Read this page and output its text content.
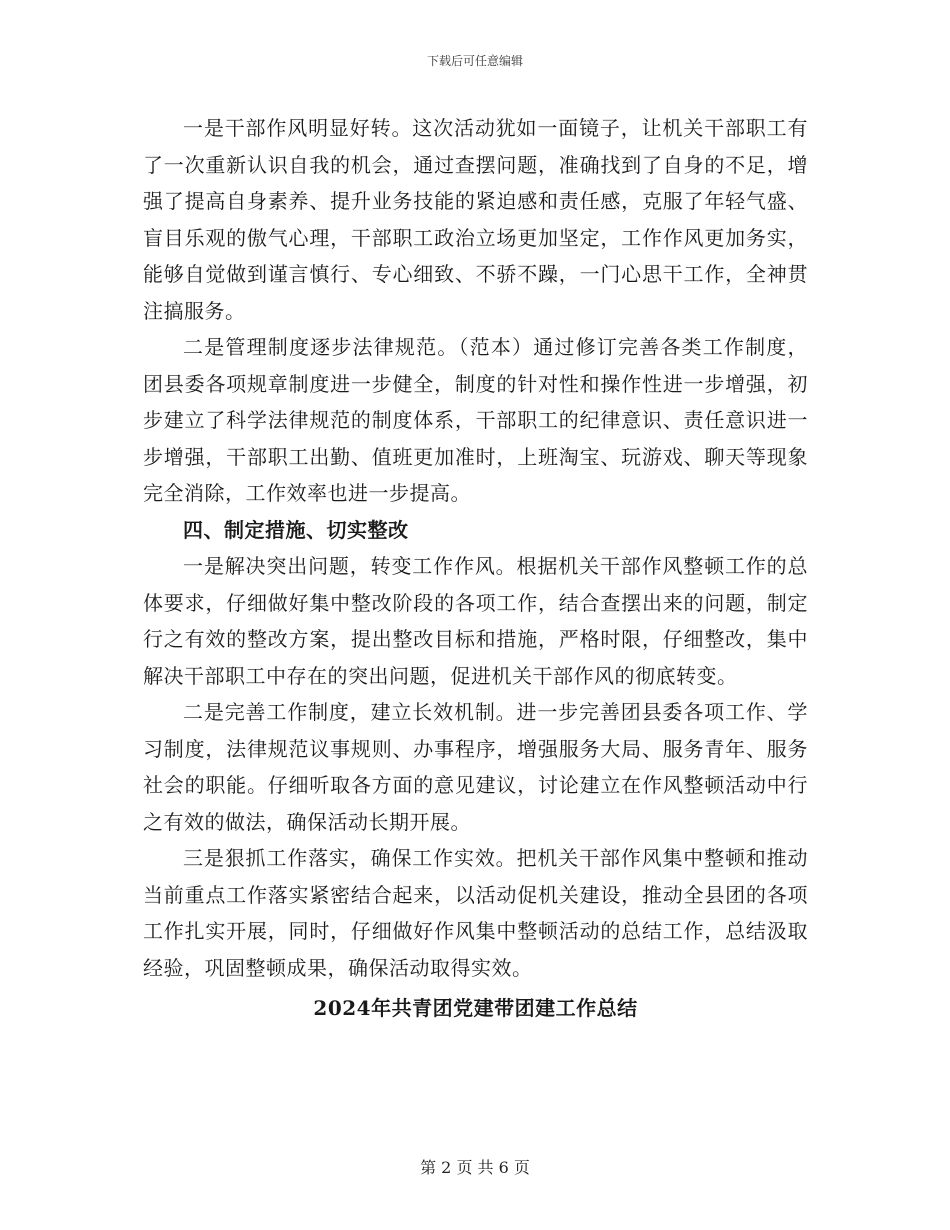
下载后可任意编辑

一是干部作风明显好转。这次活动犹如一面镜子，让机关干部职工有了一次重新认识自我的机会，通过查摆问题，准确找到了自身的不足，增强了提高自身素养、提升业务技能的紧迫感和责任感，克服了年轻气盛、盲目乐观的傲气心理，干部职工政治立场更加坚定，工作作风更加务实，能够自觉做到谨言慎行、专心细致、不骄不躁，一门心思干工作，全神贯注搞服务。

二是管理制度逐步法律规范。（范本）通过修订完善各类工作制度，团县委各项规章制度进一步健全，制度的针对性和操作性进一步增强，初步建立了科学法律规范的制度体系，干部职工的纪律意识、责任意识进一步增强，干部职工出勤、值班更加准时，上班淘宝、玩游戏、聊天等现象完全消除，工作效率也进一步提高。

四、制定措施、切实整改

一是解决突出问题，转变工作作风。根据机关干部作风整顿工作的总体要求，仔细做好集中整改阶段的各项工作，结合查摆出来的问题，制定行之有效的整改方案，提出整改目标和措施，严格时限，仔细整改，集中解决干部职工中存在的突出问题，促进机关干部作风的彻底转变。

二是完善工作制度，建立长效机制。进一步完善团县委各项工作、学习制度，法律规范议事规则、办事程序，增强服务大局、服务青年、服务社会的职能。仔细听取各方面的意见建议，讨论建立在作风整顿活动中行之有效的做法，确保活动长期开展。

三是狠抓工作落实，确保工作实效。把机关干部作风集中整顿和推动当前重点工作落实紧密结合起来，以活动促机关建设，推动全县团的各项工作扎实开展，同时，仔细做好作风集中整顿活动的总结工作，总结汲取经验，巩固整顿成果，确保活动取得实效。

2024年共青团党建带团建工作总结

第 2 页 共 6 页
